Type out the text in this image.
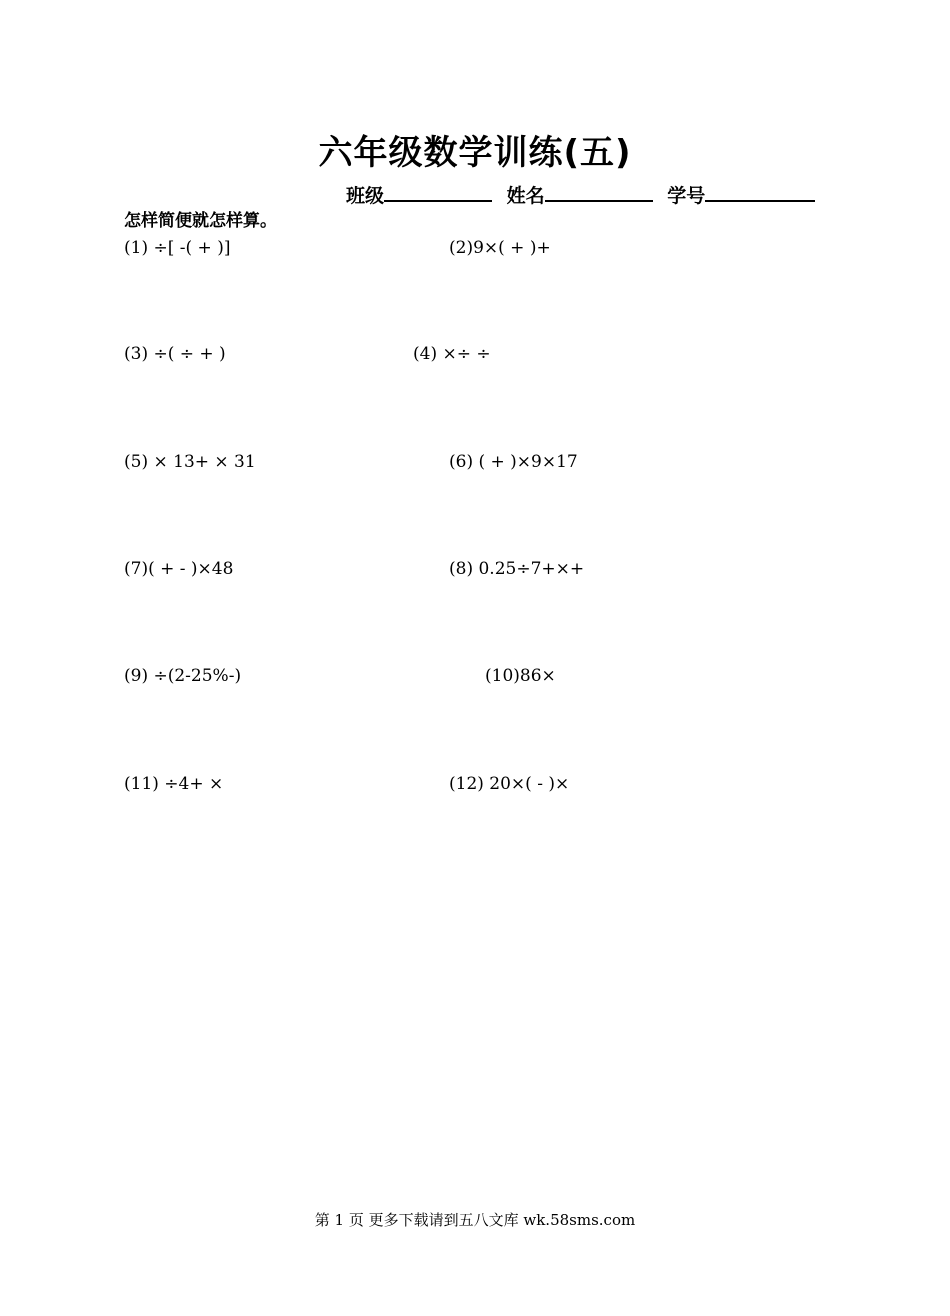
六年级数学训练(五)
班级	姓名	学号
怎样简便就怎样算。
(1) ÷[ -( + )]	(2)9×( + )+
(3) ÷( ÷ + )	(4) ×÷ ÷
(5) × 13+ × 31	(6) ( + )×9×17
(7)( + - )×48	(8) 0.25÷7+×+
(9) ÷(2-25%-)	(10)86×
(11) ÷4+ ×	(12) 20×( - )×
第 1 页 更多下载请到五八文库 wk.58sms.com
